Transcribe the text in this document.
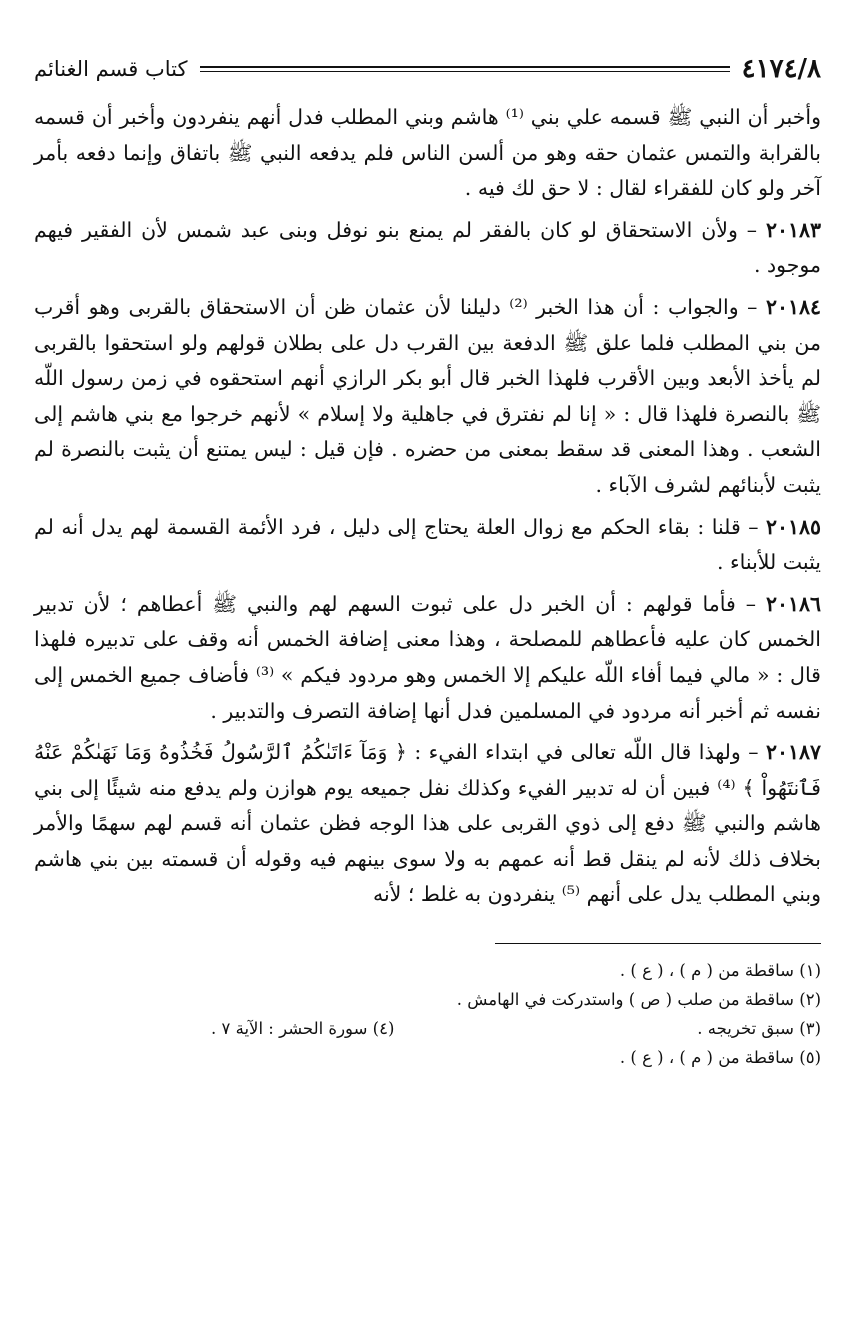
٤١٧٤/٨
كتاب قسم الغنائم

وأخبر أن النبي ﷺ قسمه علي بني ⁽¹⁾ هاشم وبني المطلب فدل أنهم ينفردون وأخبر أن قسمه بالقرابة والتمس عثمان حقه وهو من ألسن الناس فلم يدفعه النبي ﷺ باتفاق وإنما دفعه بأمر آخر ولو كان للفقراء لقال : لا حق لك فيه .

٢٠١٨٣ – ولأن الاستحقاق لو كان بالفقر لم يمنع بنو نوفل وبنى عبد شمس لأن الفقير فيهم موجود .

٢٠١٨٤ – والجواب : أن هذا الخبر ⁽²⁾ دليلنا لأن عثمان ظن أن الاستحقاق بالقربى وهو أقرب من بني المطلب فلما علق ﷺ الدفعة بين القرب دل على بطلان قولهم ولو استحقوا بالقربى لم يأخذ الأبعد وبين الأقرب فلهذا الخبر قال أبو بكر الرازي أنهم استحقوه في زمن رسول اللّه ﷺ بالنصرة فلهذا قال : « إنا لم نفترق في جاهلية ولا إسلام » لأنهم خرجوا مع بني هاشم إلى الشعب . وهذا المعنى قد سقط بمعنى من حضره . فإن قيل : ليس يمتنع أن يثبت بالنصرة لم يثبت لأبنائهم لشرف الآباء .

٢٠١٨٥ – قلنا : بقاء الحكم مع زوال العلة يحتاج إلى دليل ، فرد الأئمة القسمة لهم يدل أنه لم يثبت للأبناء .

٢٠١٨٦ – فأما قولهم : أن الخبر دل على ثبوت السهم لهم والنبي ﷺ أعطاهم ؛ لأن تدبير الخمس كان عليه فأعطاهم للمصلحة ، وهذا معنى إضافة الخمس أنه وقف على تدبيره فلهذا قال : « مالي فيما أفاء اللّه عليكم إلا الخمس وهو مردود فيكم » ⁽³⁾ فأضاف جميع الخمس إلى نفسه ثم أخبر أنه مردود في المسلمين فدل أنها إضافة التصرف والتدبير .

٢٠١٨٧ – ولهذا قال اللّه تعالى في ابتداء الفيء : ﴿ وَمَآ ءَاتَىٰكُمُ ٱلرَّسُولُ فَخُذُوهُ وَمَا نَهَىٰكُمْ عَنْهُ فَٱنتَهُواْ ﴾ ⁽⁴⁾ فبين أن له تدبير الفيء وكذلك نفل جميعه يوم هوازن ولم يدفع منه شيئًا إلى بني هاشم والنبي ﷺ دفع إلى ذوي القربى على هذا الوجه فظن عثمان أنه قسم لهم سهمًا والأمر بخلاف ذلك لأنه لم ينقل قط أنه عمهم به ولا سوى بينهم فيه وقوله أن قسمته بين بني هاشم وبني المطلب يدل على أنهم ⁽⁵⁾ ينفردون به غلط ؛ لأنه

(١) ساقطة من ( م ) ، ( ع ) .
(٢) ساقطة من صلب ( ص ) واستدركت في الهامش .
(٣) سبق تخريجه .
(٤) سورة الحشر : الآية ٧ .
(٥) ساقطة من ( م ) ، ( ع ) .
